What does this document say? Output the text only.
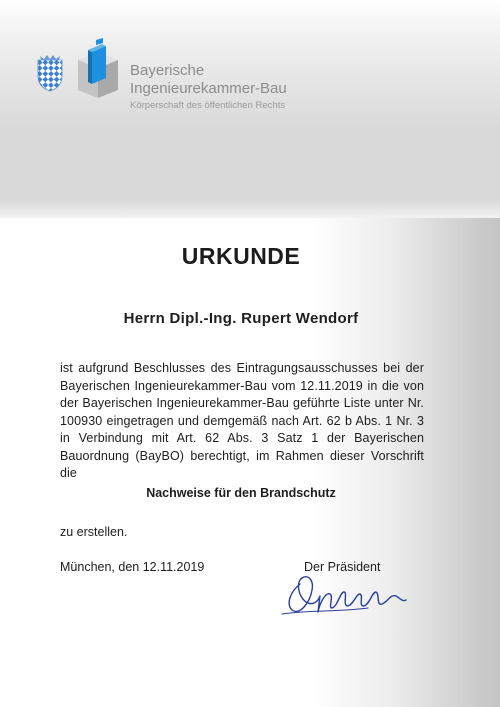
Bayerische
Ingenieurekammer-Bau
Körperschaft des öffentlichen Rechts
URKUNDE
Herrn Dipl.-Ing. Rupert Wendorf
ist aufgrund Beschlusses des Eintragungsausschusses bei der Bayerischen Ingenieurekammer-Bau vom 12.11.2019 in die von der Bayerischen Ingenieurekammer-Bau geführte Liste unter Nr. 100930 eingetragen und demgemäß nach Art. 62 b Abs. 1 Nr. 3 in Verbindung mit Art. 62 Abs. 3 Satz 1 der Bayerischen Bauordnung (BayBO) berechtigt, im Rahmen dieser Vorschrift die
Nachweise für den Brandschutz
zu erstellen.
München, den 12.11.2019	Der Präsident
